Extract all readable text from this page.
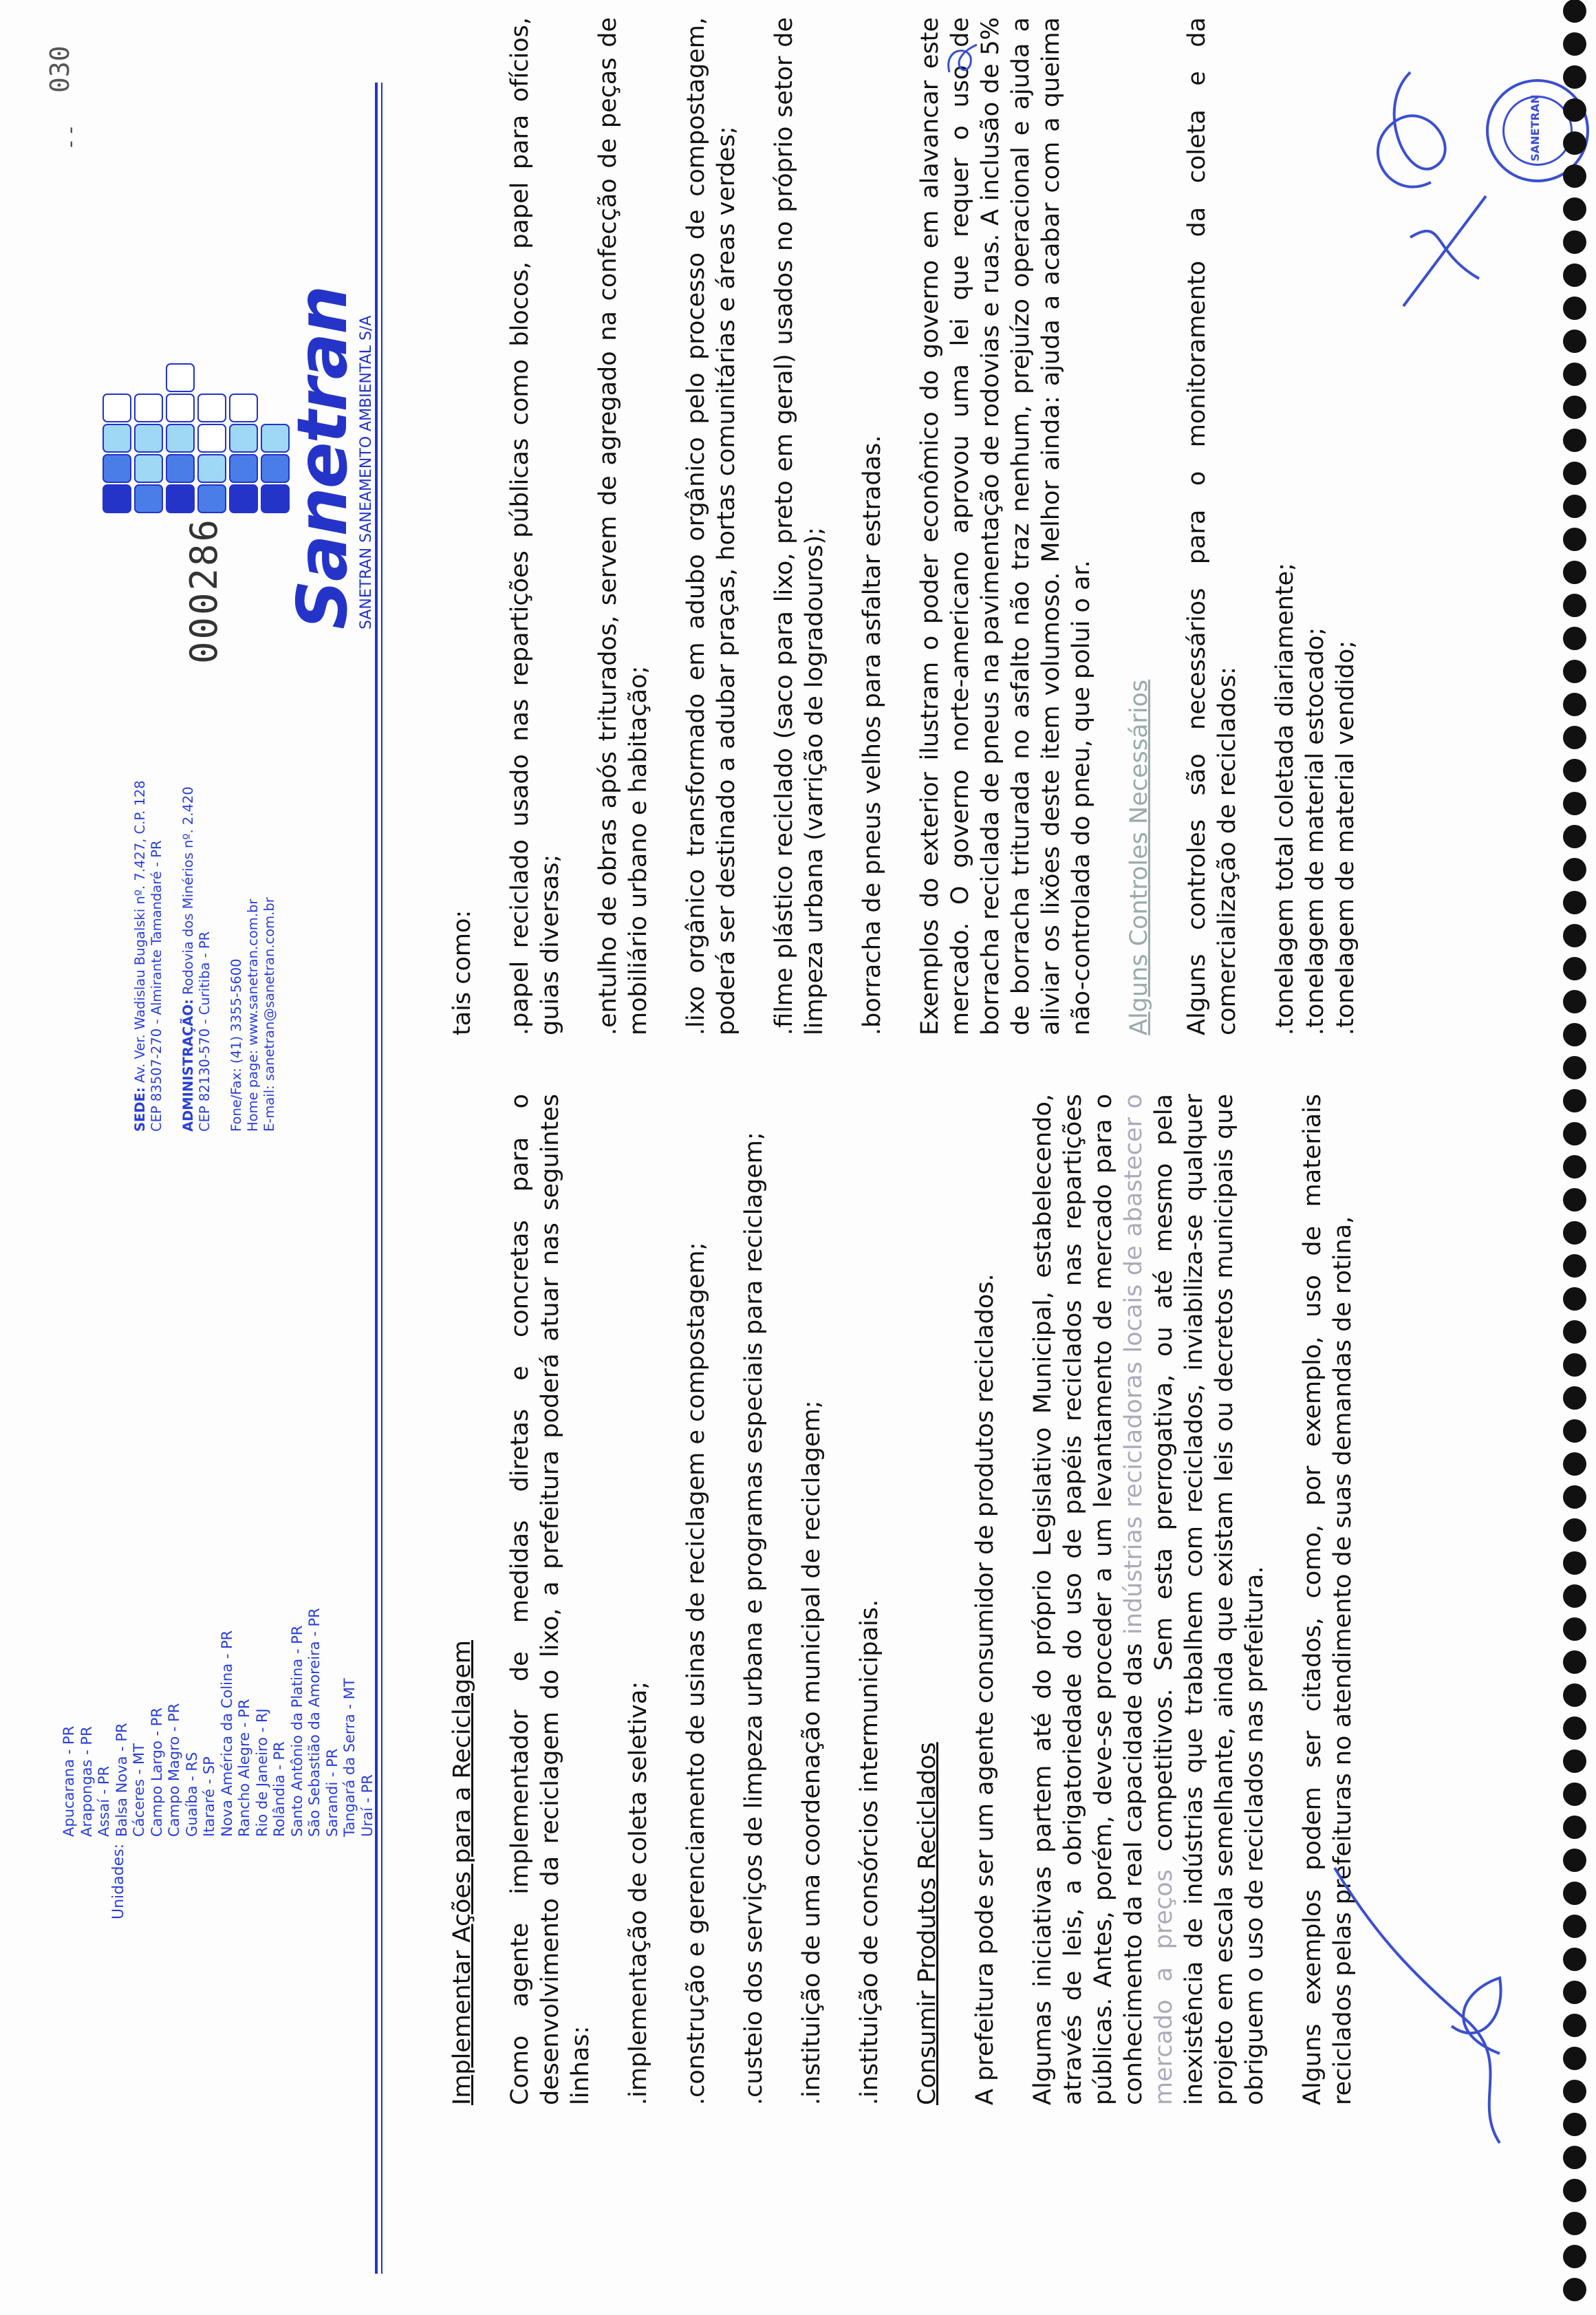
Unidades:
Apucarana - PR Arapongas - PR Assaí - PR Balsa Nova - PR Cáceres - MT Campo Largo - PR Campo Magro - PR Guaíba - RS Itararé - SP Nova América da Colina - PR Rancho Alegre - PR Rio de Janeiro - RJ Rolândia - PR Santo Antônio da Platina - PR São Sebastião da Amoreira - PR Sarandi - PR Tangará da Serra - MT Uraí - PR
SEDE: Av. Ver. Wadislau Bugalski nº. 7.427, C.P. 128 CEP 83507-270 - Almirante Tamandaré - PR ADMINISTRAÇÃO: Rodovia dos Minérios nº. 2.420
CEP 82130-570 - Curitiba - PR Fone/Fax: (41) 3355-5600 Home page: www.sanetran.com.br E-mail: sanetran@sanetran.com.br
000286 Sanetran
SANETRAN SANEAMENTO AMBIENTAL S/A
- -
030

Implementar Ações para a Reciclagem Como agente implementador de medidas diretas e concretas para o desenvolvimento da reciclagem do lixo, a prefeitura poderá atuar nas seguintes linhas: .implementação de coleta seletiva; .construção e gerenciamento de usinas de reciclagem e compostagem; .custeio dos serviços de limpeza urbana e programas especiais para reciclagem; .instituição de uma coordenação municipal de reciclagem; .instituição de consórcios intermunicipais. Consumir Produtos Reciclados A prefeitura pode ser um agente consumidor de produtos reciclados. Algumas iniciativas partem até do próprio Legislativo Municipal, estabelecendo, através de leis, a obrigatoriedade do uso de papéis reciclados nas repartições públicas. Antes, porém, deve-se proceder a um levantamento de mercado para o conhecimento da real capacidade das indústrias recicladoras locais de abastecer o mercado a preços competitivos. Sem esta prerrogativa, ou até mesmo pela inexistência de indústrias que trabalhem com reciclados, inviabiliza-se qualquer projeto em escala semelhante, ainda que existam leis ou decretos municipais que obriguem o uso de reciclados nas prefeitura. Alguns exemplos podem ser citados, como, por exemplo, uso de materiais reciclados pelas prefeituras no atendimento de suas demandas de rotina,

tais como: .papel reciclado usado nas repartições públicas como blocos, papel para ofícios, guias diversas; .entulho de obras após triturados, servem de agregado na confecção de peças de mobiliário urbano e habitação; .lixo orgânico transformado em adubo orgânico pelo processo de compostagem, poderá ser destinado a adubar praças, hortas comunitárias e áreas verdes; .filme plástico reciclado (saco para lixo, preto em geral) usados no próprio setor de limpeza urbana (varrição de logradouros); .borracha de pneus velhos para asfaltar estradas. Exemplos do exterior ilustram o poder econômico do governo em alavancar este mercado. O governo norte-americano aprovou uma lei que requer o uso de borracha reciclada de pneus na pavimentação de rodovias e ruas. A inclusão de 5% de borracha triturada no asfalto não traz nenhum, prejuízo operacional e ajuda a aliviar os lixões deste item volumoso. Melhor ainda: ajuda a acabar com a queima não-controlada do pneu, que polui o ar. Alguns Controles Necessários Alguns controles são necessários para o monitoramento da coleta e da comercialização de reciclados: .tonelagem total coletada diariamente; .tonelagem de material estocado; .tonelagem de material vendido;
SANETRAN
